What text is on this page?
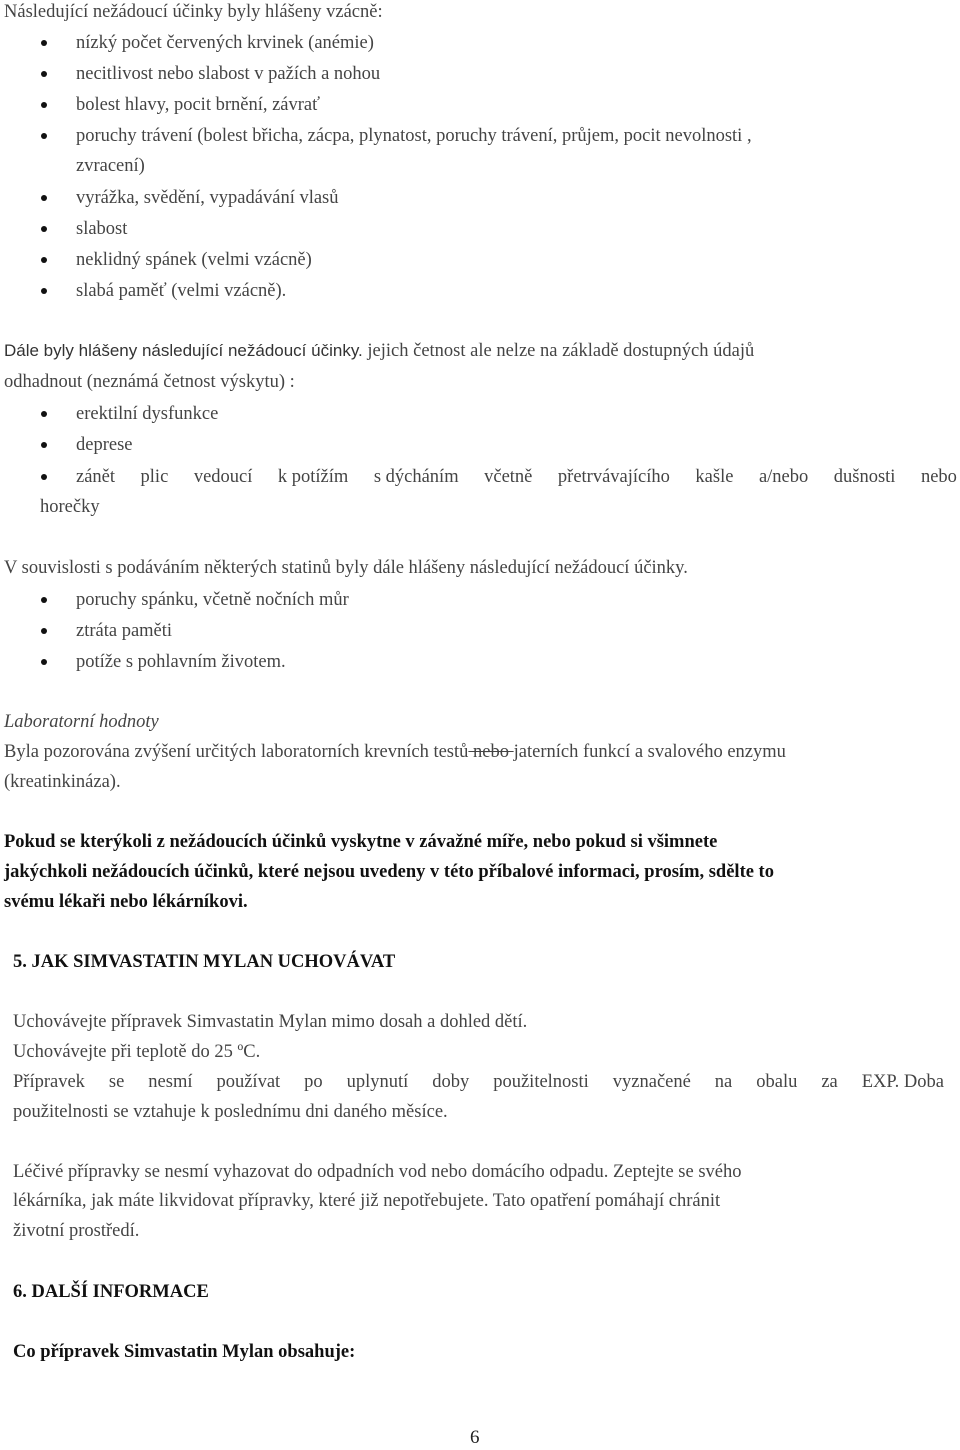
Následující nežádoucí účinky byly hlášeny vzácně:
nízký počet červených krvinek (anémie)
necitlivost nebo slabost v pažích a nohou
bolest hlavy, pocit brnění, závrať
poruchy trávení (bolest břicha, zácpa, plynatost, poruchy trávení, průjem, pocit nevolnosti ,
zvracení)
vyrážka, svědění, vypadávání vlasů
slabost
neklidný spánek (velmi vzácně)
slabá paměť (velmi vzácně).
Dále byly hlášeny následující nežádoucí účinky. jejich četnost ale nelze na základě dostupných údajů
odhadnout (neznámá četnost výskytu) :
erektilní dysfunkce
deprese
zánět plic vedoucí k potížím s dýcháním včetně přetrvávajícího kašle a/nebo dušnosti nebo
horečky
V souvislosti s podáváním některých statinů byly dále hlášeny následující nežádoucí účinky.
poruchy spánku, včetně nočních můr
ztráta paměti
potíže s pohlavním životem.
Laboratorní hodnoty
Byla pozorována zvýšení určitých laboratorních krevních testů nebo jaterních funkcí a svalového enzymu
(kreatinkináza).
Pokud se kterýkoli z nežádoucích účinků vyskytne v závažné míře, nebo pokud si všimnete
jakýchkoli nežádoucích účinků, které nejsou uvedeny v této příbalové informaci, prosím, sdělte to
svému lékaři nebo lékárníkovi.
5. JAK SIMVASTATIN MYLAN UCHOVÁVAT
Uchovávejte přípravek Simvastatin Mylan mimo dosah a dohled dětí.
Uchovávejte při teplotě do 25 ºC.
Přípravek se nesmí používat po uplynutí doby použitelnosti vyznačené na obalu za EXP. Doba
použitelnosti se vztahuje k poslednímu dni daného měsíce.
Léčivé přípravky se nesmí vyhazovat do odpadních vod nebo domácího odpadu. Zeptejte se svého
lékárníka, jak máte likvidovat přípravky, které již nepotřebujete. Tato opatření pomáhají chránit
životní prostředí.
6. DALŠÍ INFORMACE
Co přípravek Simvastatin Mylan obsahuje:
6
